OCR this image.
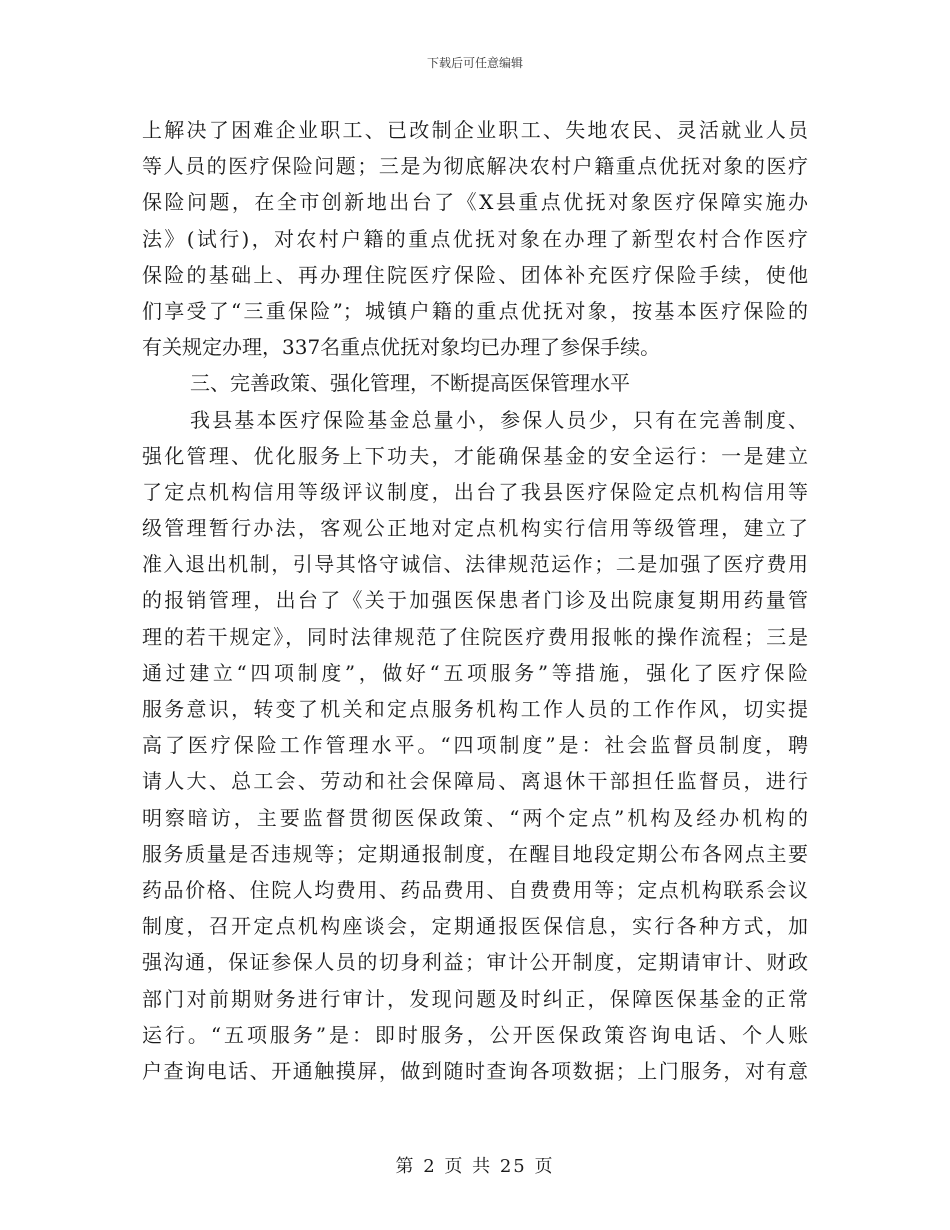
下载后可任意编辑
上解决了困难企业职工、已改制企业职工、失地农民、灵活就业人员
等人员的医疗保险问题；三是为彻底解决农村户籍重点优抚对象的医疗
保险问题，在全市创新地出台了《X县重点优抚对象医疗保障实施办
法》(试行)，对农村户籍的重点优抚对象在办理了新型农村合作医疗
保险的基础上、再办理住院医疗保险、团体补充医疗保险手续，使他
们享受了“三重保险”；城镇户籍的重点优抚对象，按基本医疗保险的
有关规定办理，337名重点优抚对象均已办理了参保手续。
三、完善政策、强化管理，不断提高医保管理水平
我县基本医疗保险基金总量小，参保人员少，只有在完善制度、
强化管理、优化服务上下功夫，才能确保基金的安全运行：一是建立
了定点机构信用等级评议制度，出台了我县医疗保险定点机构信用等
级管理暂行办法，客观公正地对定点机构实行信用等级管理，建立了
准入退出机制，引导其恪守诚信、法律规范运作；二是加强了医疗费用
的报销管理，出台了《关于加强医保患者门诊及出院康复期用药量管
理的若干规定》，同时法律规范了住院医疗费用报帐的操作流程；三是
通过建立“四项制度”，做好“五项服务”等措施，强化了医疗保险
服务意识，转变了机关和定点服务机构工作人员的工作作风，切实提
高了医疗保险工作管理水平。“四项制度”是：社会监督员制度，聘
请人大、总工会、劳动和社会保障局、离退休干部担任监督员，进行
明察暗访，主要监督贯彻医保政策、“两个定点”机构及经办机构的
服务质量是否违规等；定期通报制度，在醒目地段定期公布各网点主要
药品价格、住院人均费用、药品费用、自费费用等；定点机构联系会议
制度，召开定点机构座谈会，定期通报医保信息，实行各种方式，加
强沟通，保证参保人员的切身利益；审计公开制度，定期请审计、财政
部门对前期财务进行审计，发现问题及时纠正，保障医保基金的正常
运行。“五项服务”是：即时服务，公开医保政策咨询电话、个人账
户查询电话、开通触摸屏，做到随时查询各项数据；上门服务，对有意
第 2 页 共 25 页
